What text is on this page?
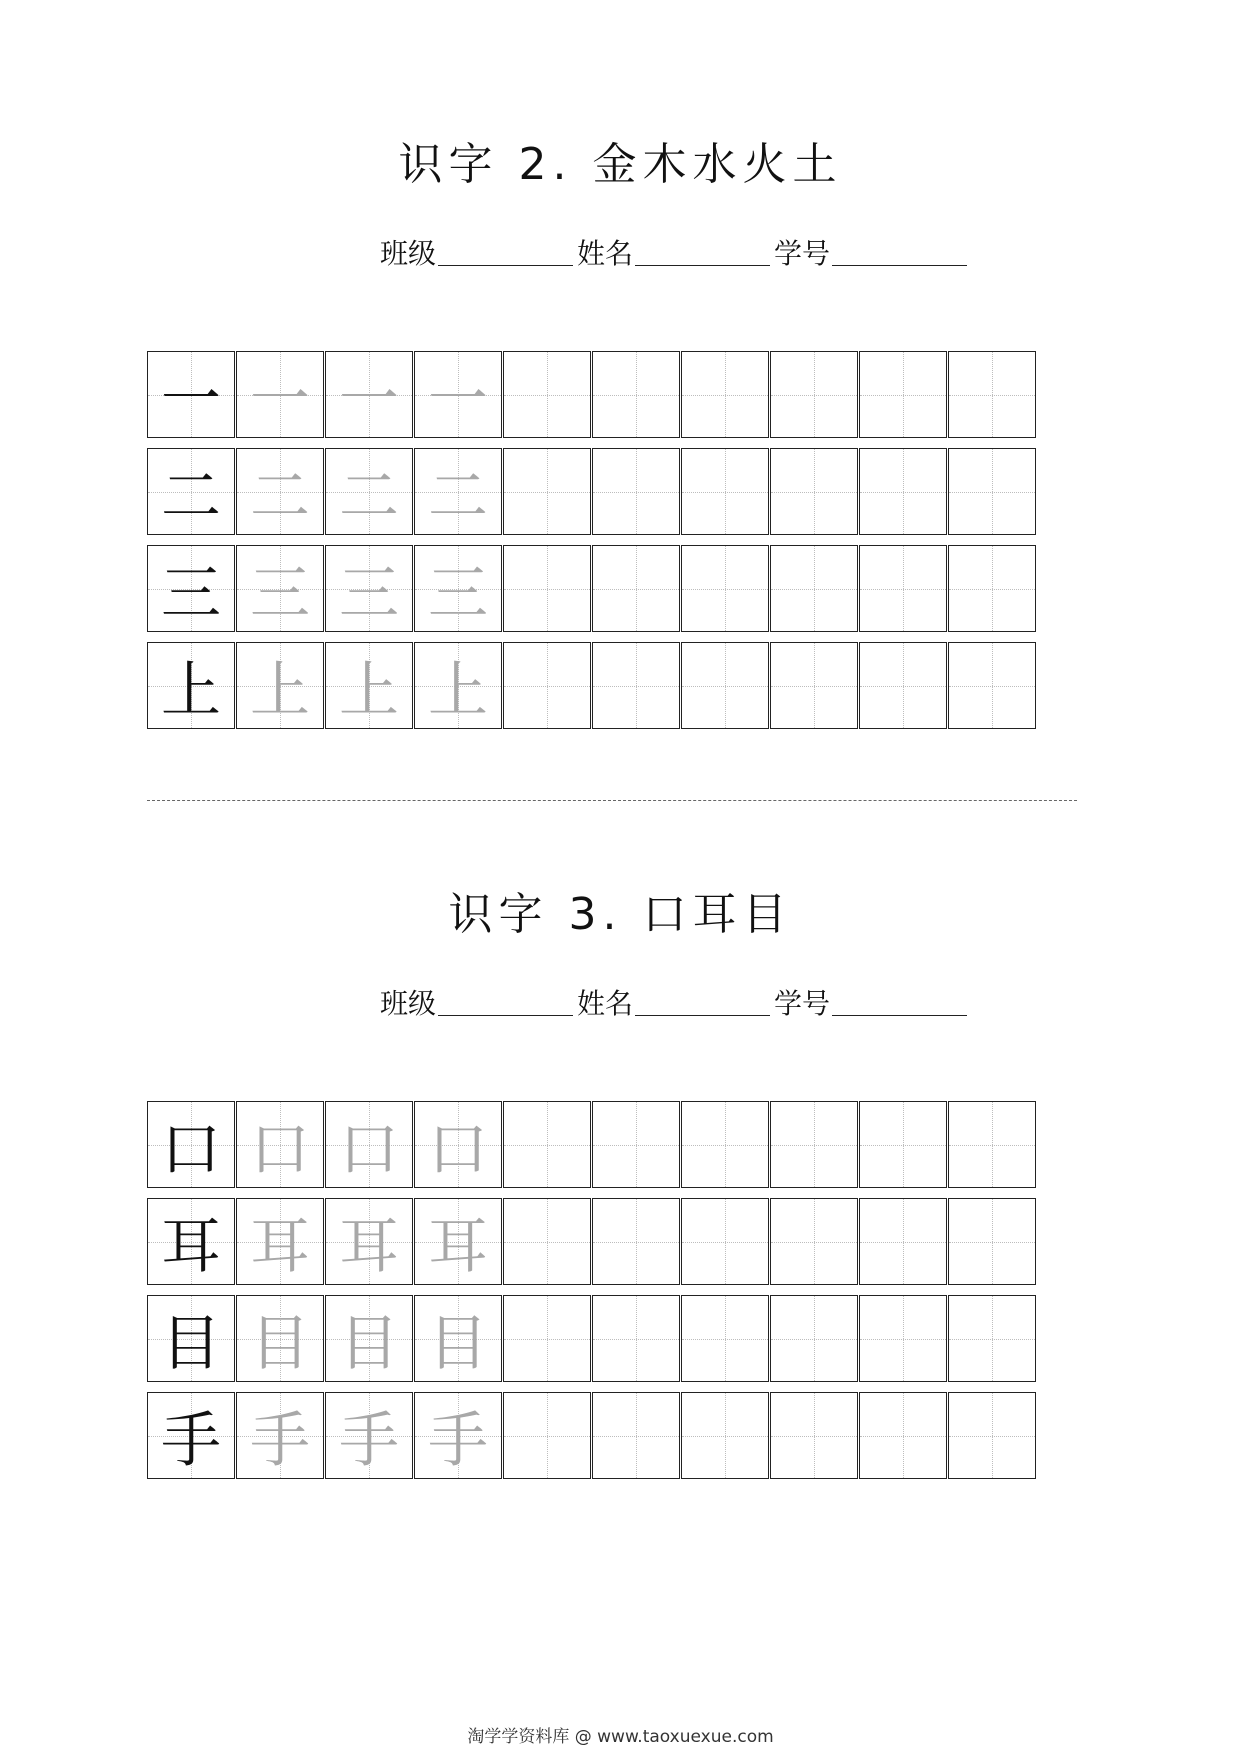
识字 2. 金木水火土
班级	姓名	学号
一 一 一 一
二 二 二 二
三 三 三 三
上 上 上 上
识字 3. 口耳目
班级	姓名	学号
口 口 口 口
耳 耳 耳 耳
目 目 目 目
手 手 手 手
淘学学资料库 @ www.taoxuexue.com
